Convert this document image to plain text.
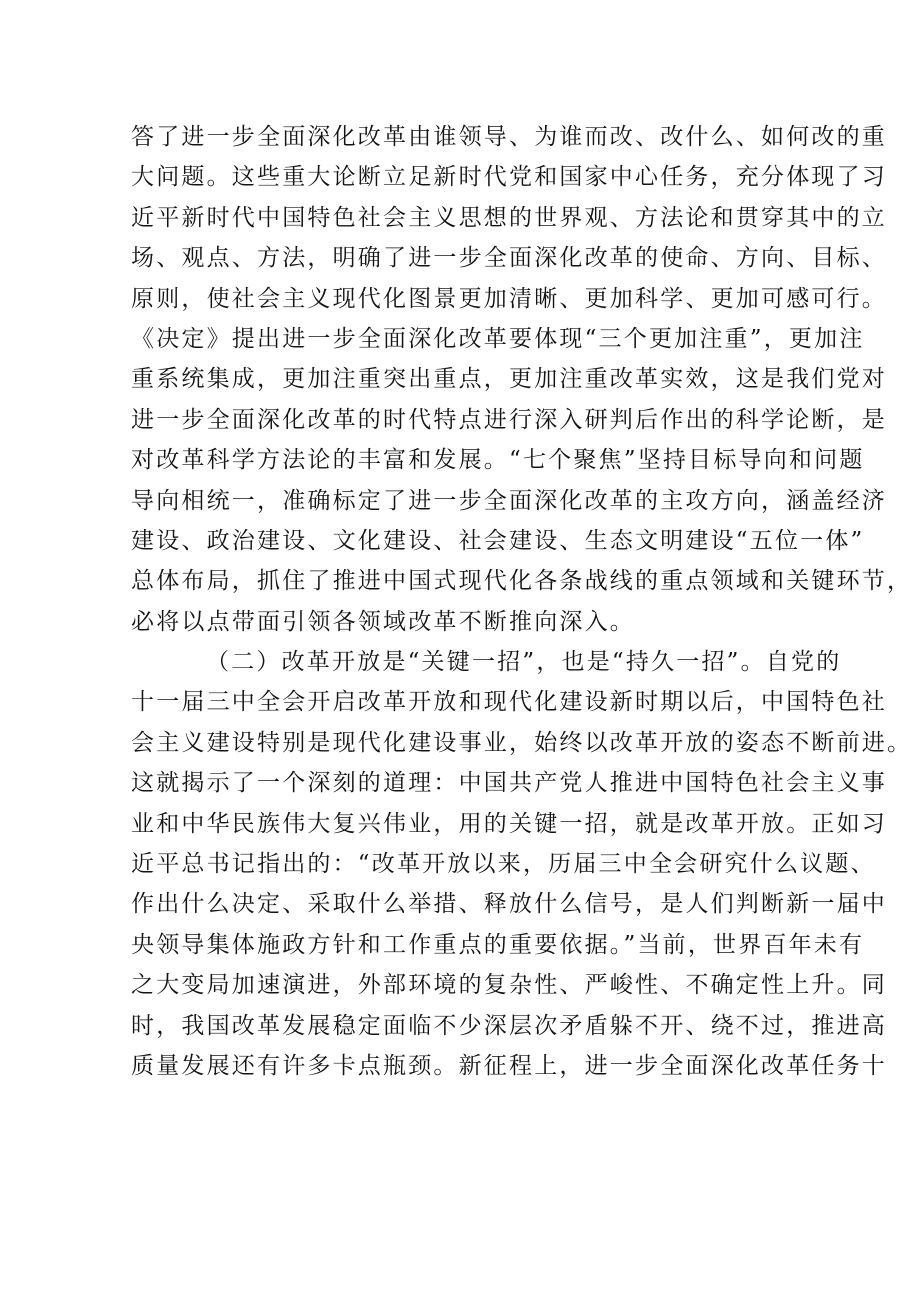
答了进一步全面深化改革由谁领导、为谁而改、改什么、如何改的重
大问题。这些重大论断立足新时代党和国家中心任务，充分体现了习
近平新时代中国特色社会主义思想的世界观、方法论和贯穿其中的立
场、观点、方法，明确了进一步全面深化改革的使命、方向、目标、
原则，使社会主义现代化图景更加清晰、更加科学、更加可感可行。
《决定》提出进一步全面深化改革要体现“三个更加注重”，更加注
重系统集成，更加注重突出重点，更加注重改革实效，这是我们党对
进一步全面深化改革的时代特点进行深入研判后作出的科学论断，是
对改革科学方法论的丰富和发展。“七个聚焦”坚持目标导向和问题
导向相统一，准确标定了进一步全面深化改革的主攻方向，涵盖经济
建设、政治建设、文化建设、社会建设、生态文明建设“五位一体”
总体布局，抓住了推进中国式现代化各条战线的重点领域和关键环节，
必将以点带面引领各领域改革不断推向深入。
（二）改革开放是“关键一招”，也是“持久一招”。自党的
十一届三中全会开启改革开放和现代化建设新时期以后，中国特色社
会主义建设特别是现代化建设事业，始终以改革开放的姿态不断前进。
这就揭示了一个深刻的道理：中国共产党人推进中国特色社会主义事
业和中华民族伟大复兴伟业，用的关键一招，就是改革开放。正如习
近平总书记指出的：“改革开放以来，历届三中全会研究什么议题、
作出什么决定、采取什么举措、释放什么信号，是人们判断新一届中
央领导集体施政方针和工作重点的重要依据。”当前，世界百年未有
之大变局加速演进，外部环境的复杂性、严峻性、不确定性上升。同
时，我国改革发展稳定面临不少深层次矛盾躲不开、绕不过，推进高
质量发展还有许多卡点瓶颈。新征程上，进一步全面深化改革任务十
